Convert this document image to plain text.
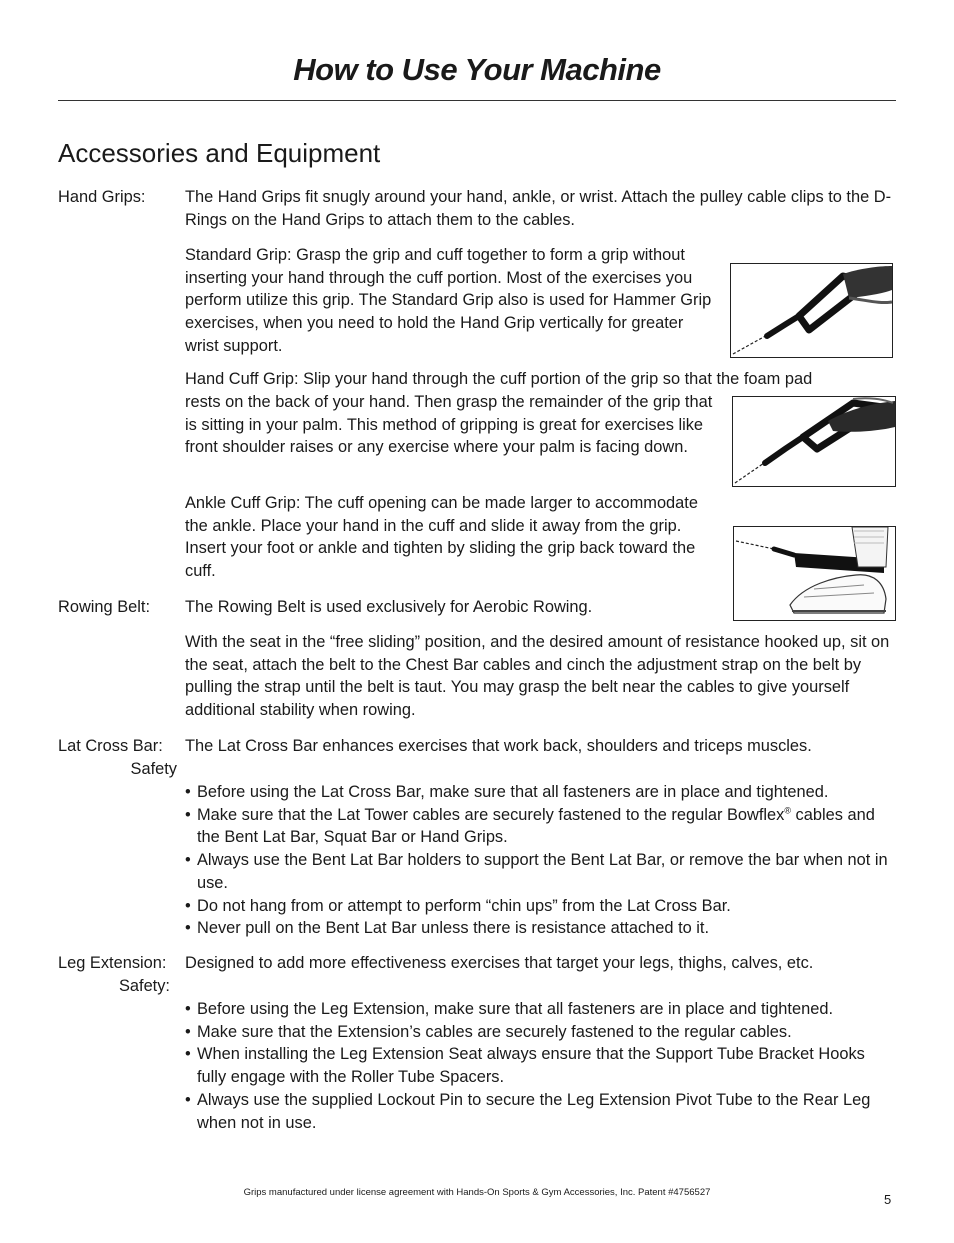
How to Use Your Machine
Accessories and Equipment
Hand Grips: The Hand Grips fit snugly around your hand, ankle, or wrist. Attach the pulley cable clips to the D-Rings on the Hand Grips to attach them to the cables.
Standard Grip: Grasp the grip and cuff together to form a grip without inserting your hand through the cuff portion. Most of the exercises you perform utilize this grip. The Standard Grip also is used for Hammer Grip exercises, when you need to hold the Hand Grip vertically for greater wrist support.
Hand Cuff Grip: Slip your hand through the cuff portion of the grip so that the foam pad
rests on the back of your hand. Then grasp the remainder of the grip that is sitting in your palm. This method of gripping is great for exercises like front shoulder raises or any exercise where your palm is facing down.
Ankle Cuff Grip: The cuff opening can be made larger to accommodate the ankle. Place your hand in the cuff and slide it away from the grip. Insert your foot or ankle and tighten by sliding the grip back toward the cuff.
Rowing Belt: The Rowing Belt is used exclusively for Aerobic Rowing.
With the seat in the “free sliding” position, and the desired amount of resistance hooked up, sit on the seat, attach the belt to the Chest Bar cables and cinch the adjustment strap on the belt by pulling the strap until the belt is taut. You may grasp the belt near the cables to give yourself additional stability when rowing.
Lat Cross Bar:
Safety
The Lat Cross Bar enhances exercises that work back, shoulders and triceps muscles.
• Before using the Lat Cross Bar, make sure that all fasteners are in place and tightened.
• Make sure that the Lat Tower cables are securely fastened to the regular Bowflex® cables and the Bent Lat Bar, Squat Bar or Hand Grips.
• Always use the Bent Lat Bar holders to support the Bent Lat Bar, or remove the bar when not in use.
• Do not hang from or attempt to perform “chin ups” from the Lat Cross Bar.
• Never pull on the Bent Lat Bar unless there is resistance attached to it.
Leg Extension:
Safety:
Designed to add more effectiveness exercises that target your legs, thighs, calves, etc.
• Before using the Leg Extension, make sure that all fasteners are in place and tightened.
• Make sure that the Extension’s cables are securely fastened to the regular cables.
• When installing the Leg Extension Seat always ensure that the Support Tube Bracket Hooks fully engage with the Roller Tube Spacers.
• Always use the supplied Lockout Pin to secure the Leg Extension Pivot Tube to the Rear Leg when not in use.
Grips manufactured under license agreement with Hands-On Sports & Gym Accessories, Inc. Patent #4756527	5
